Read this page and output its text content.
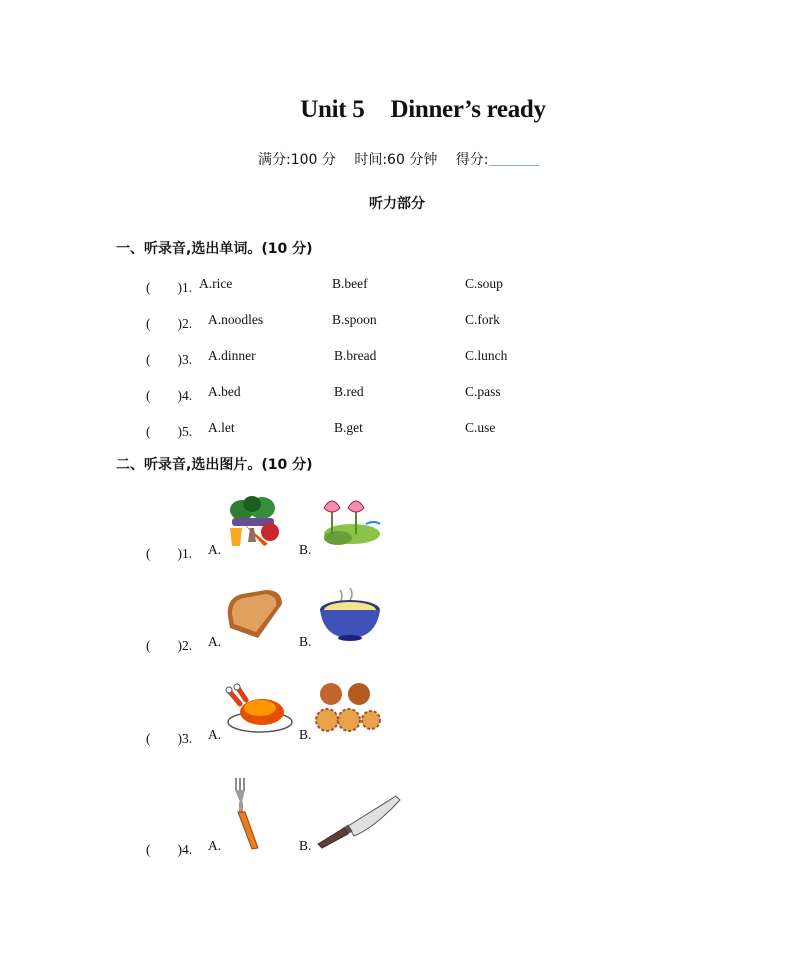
Unit 5 Dinner’s ready
满分:100 分 时间:60 分钟 得分:
听力部分
一、听录音,选出单词。(10 分)
(　　)1. A.rice	B.beef	C.soup
(　　)2. A.noodles	B.spoon	C.fork
(　　)3. A.dinner	B.bread	C.lunch
(　　)4. A.bed	B.red	C.pass
(　　)5. A.let	B.get	C.use
二、听录音,选出图片。(10 分)
(　　)1. A.	B.
(　　)2. A.	B.
(　　)3. A.	B.
(　　)4. A.	B.
